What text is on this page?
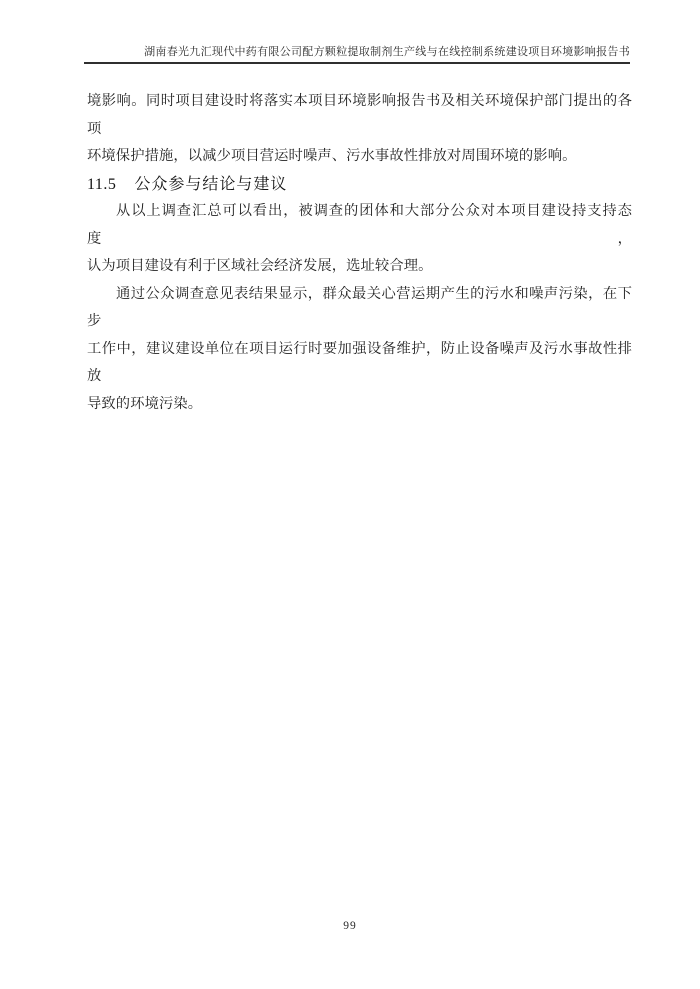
湖南春光九汇现代中药有限公司配方颗粒提取制剂生产线与在线控制系统建设项目环境影响报告书

境影响。同时项目建设时将落实本项目环境影响报告书及相关环境保护部门提出的各项
环境保护措施，以减少项目营运时噪声、污水事故性排放对周围环境的影响。

11.5 公众参与结论与建议

从以上调查汇总可以看出，被调查的团体和大部分公众对本项目建设持支持态度，
认为项目建设有利于区域社会经济发展，选址较合理。

通过公众调查意见表结果显示，群众最关心营运期产生的污水和噪声污染，在下步
工作中，建议建设单位在项目运行时要加强设备维护，防止设备噪声及污水事故性排放
导致的环境污染。

99
